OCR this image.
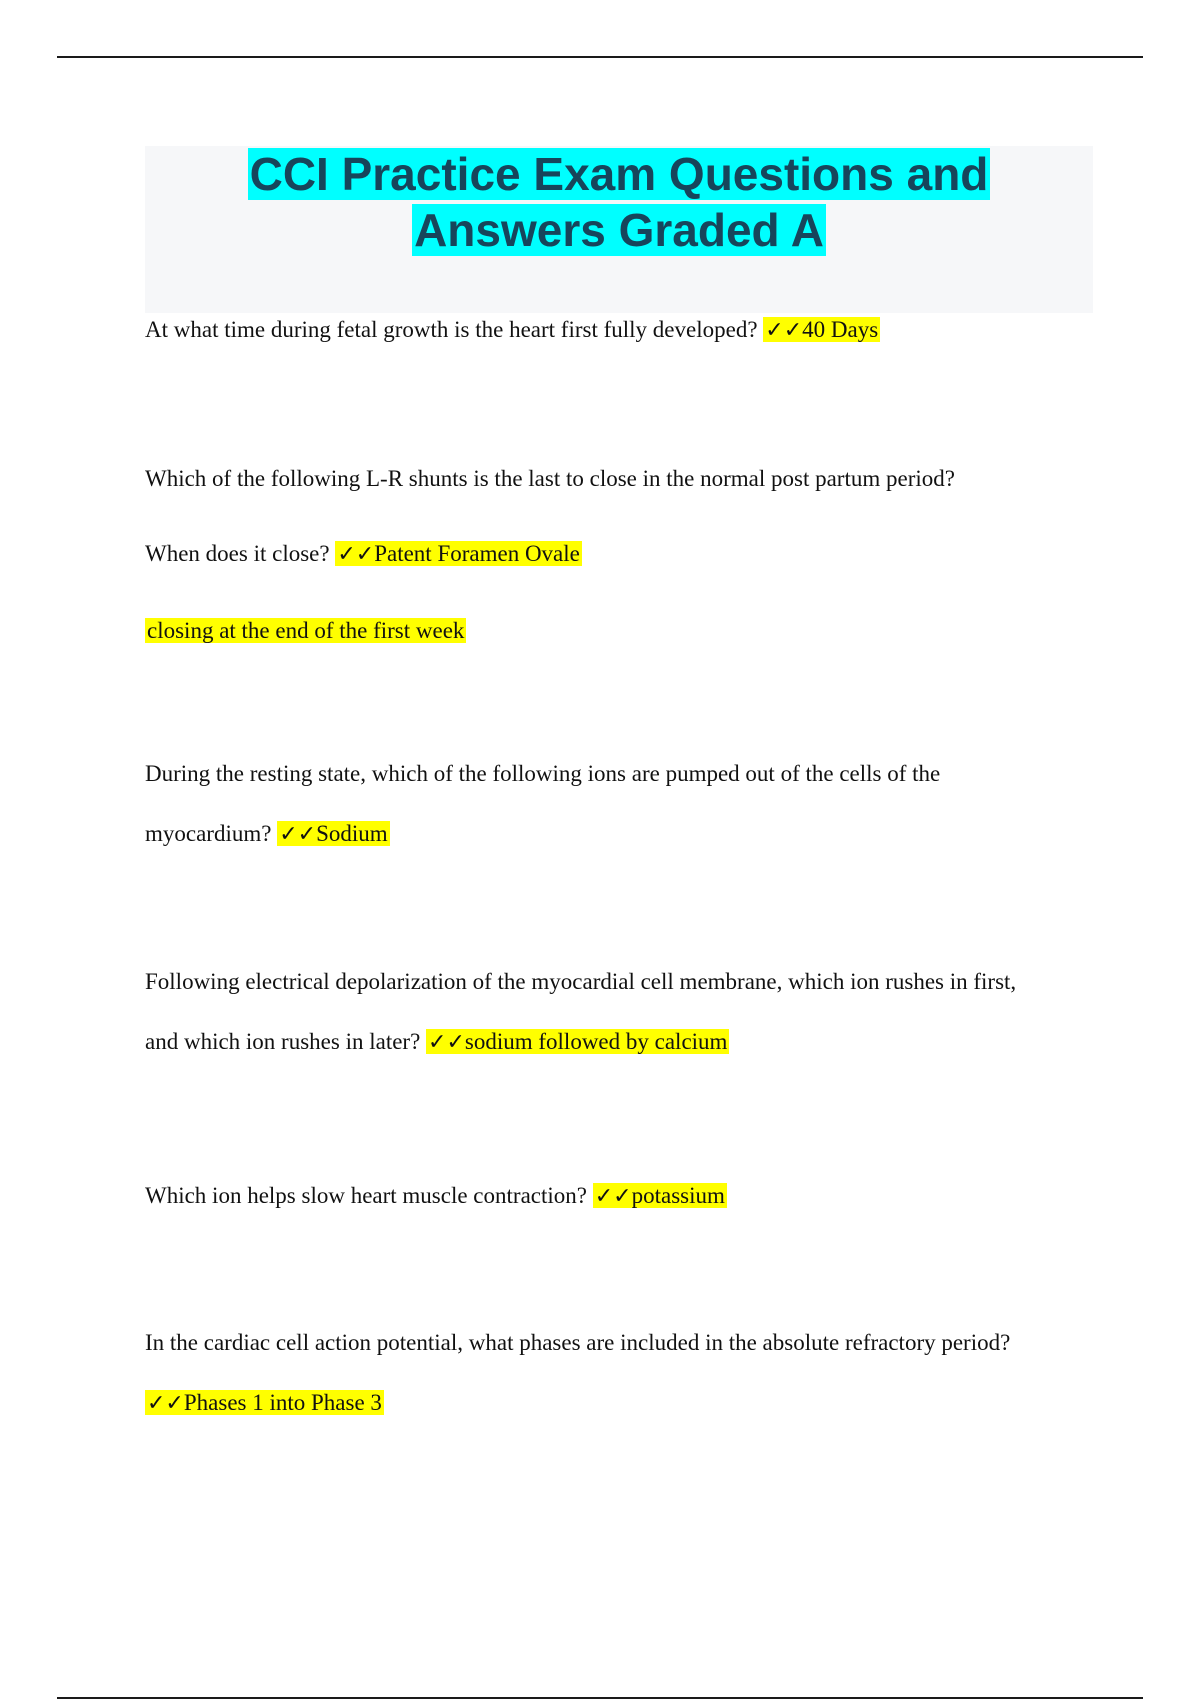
CCI Practice Exam Questions and
Answers Graded A
At what time during fetal growth is the heart first fully developed? ✓✓40 Days
Which of the following L-R shunts is the last to close in the normal post partum period?
When does it close? ✓✓Patent Foramen Ovale
closing at the end of the first week
During the resting state, which of the following ions are pumped out of the cells of the
myocardium? ✓✓Sodium
Following electrical depolarization of the myocardial cell membrane, which ion rushes in first,
and which ion rushes in later? ✓✓sodium followed by calcium
Which ion helps slow heart muscle contraction? ✓✓potassium
In the cardiac cell action potential, what phases are included in the absolute refractory period?
✓✓Phases 1 into Phase 3
